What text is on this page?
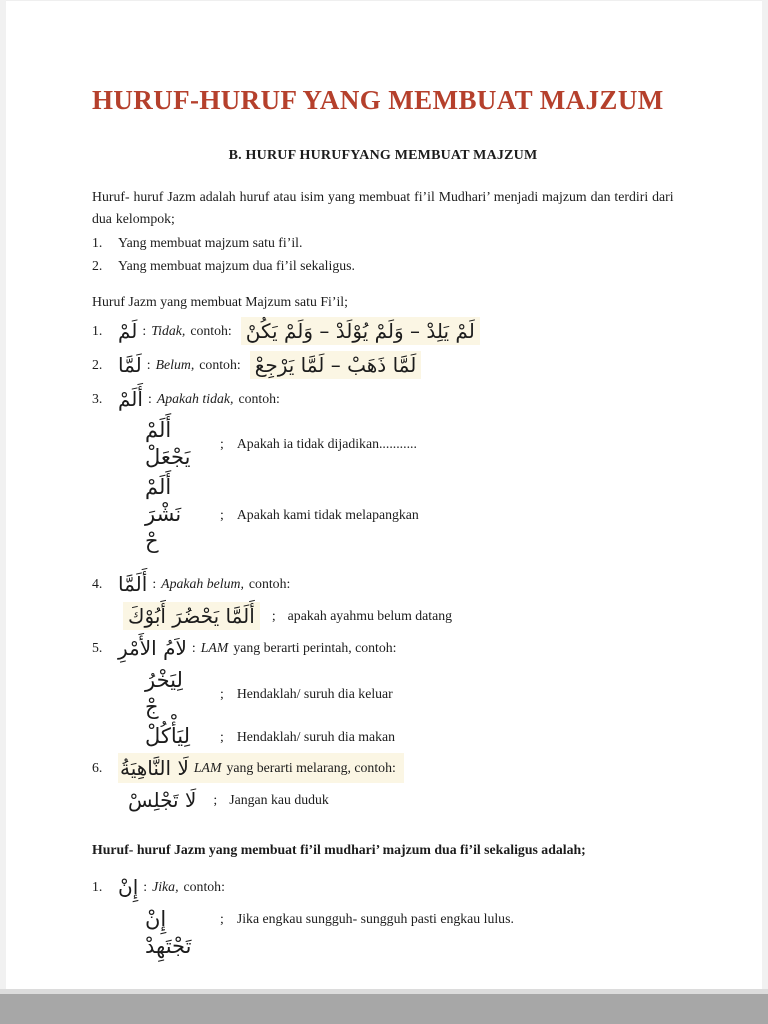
HURUF-HURUF YANG MEMBUAT MAJZUM
B. HURUF HURUFYANG MEMBUAT MAJZUM

Huruf- huruf Jazm adalah huruf atau isim yang membuat fi’il Mudhari’ menjadi majzum dan terdiri dari dua kelompok;

1.	Yang membuat majzum satu fi’il.
2.	Yang membuat majzum dua fi’il sekaligus.

Huruf Jazm yang membuat Majzum satu Fi’il;

1. لَمْ : Tidak, contoh: لَمْ يَلِدْ – وَلَمْ يُوْلَدْ – وَلَمْ يَكُنْ
2. لَمَّا : Belum, contoh: لَمَّا ذَهَبْ – لَمَّا يَرْجِعْ
3. أَلَمْ : Apakah tidak, contoh:
أَلَمْ
يَجْعَلْ
; Apakah ia tidak dijadikan...........
أَلَمْ
نَشْرَ
حْ
; Apakah kami tidak melapangkan
4. أَلَمَّا : Apakah belum, contoh:
أَلَمَّا يَحْضُرَ أَبُوْكَ	; apakah ayahmu belum datang
5. لاَمُ الأَمْرِ : LAM yang berarti perintah, contoh:
لِيَخْرُ
جْ
; Hendaklah/ suruh dia keluar
لِيَأْكُلْ	; Hendaklah/ suruh dia makan
6. لَا النَّاهِيَةُ LAM yang berarti melarang, contoh:
لَا تَجْلِسْ	; Jangan kau duduk

Huruf- huruf Jazm yang membuat fi’il mudhari’ majzum dua fi’il sekaligus adalah;

1. إِنْ : Jika, contoh:
إِنْ
تَجْتَهِدْ
; Jika engkau sungguh- sungguh pasti engkau lulus.
